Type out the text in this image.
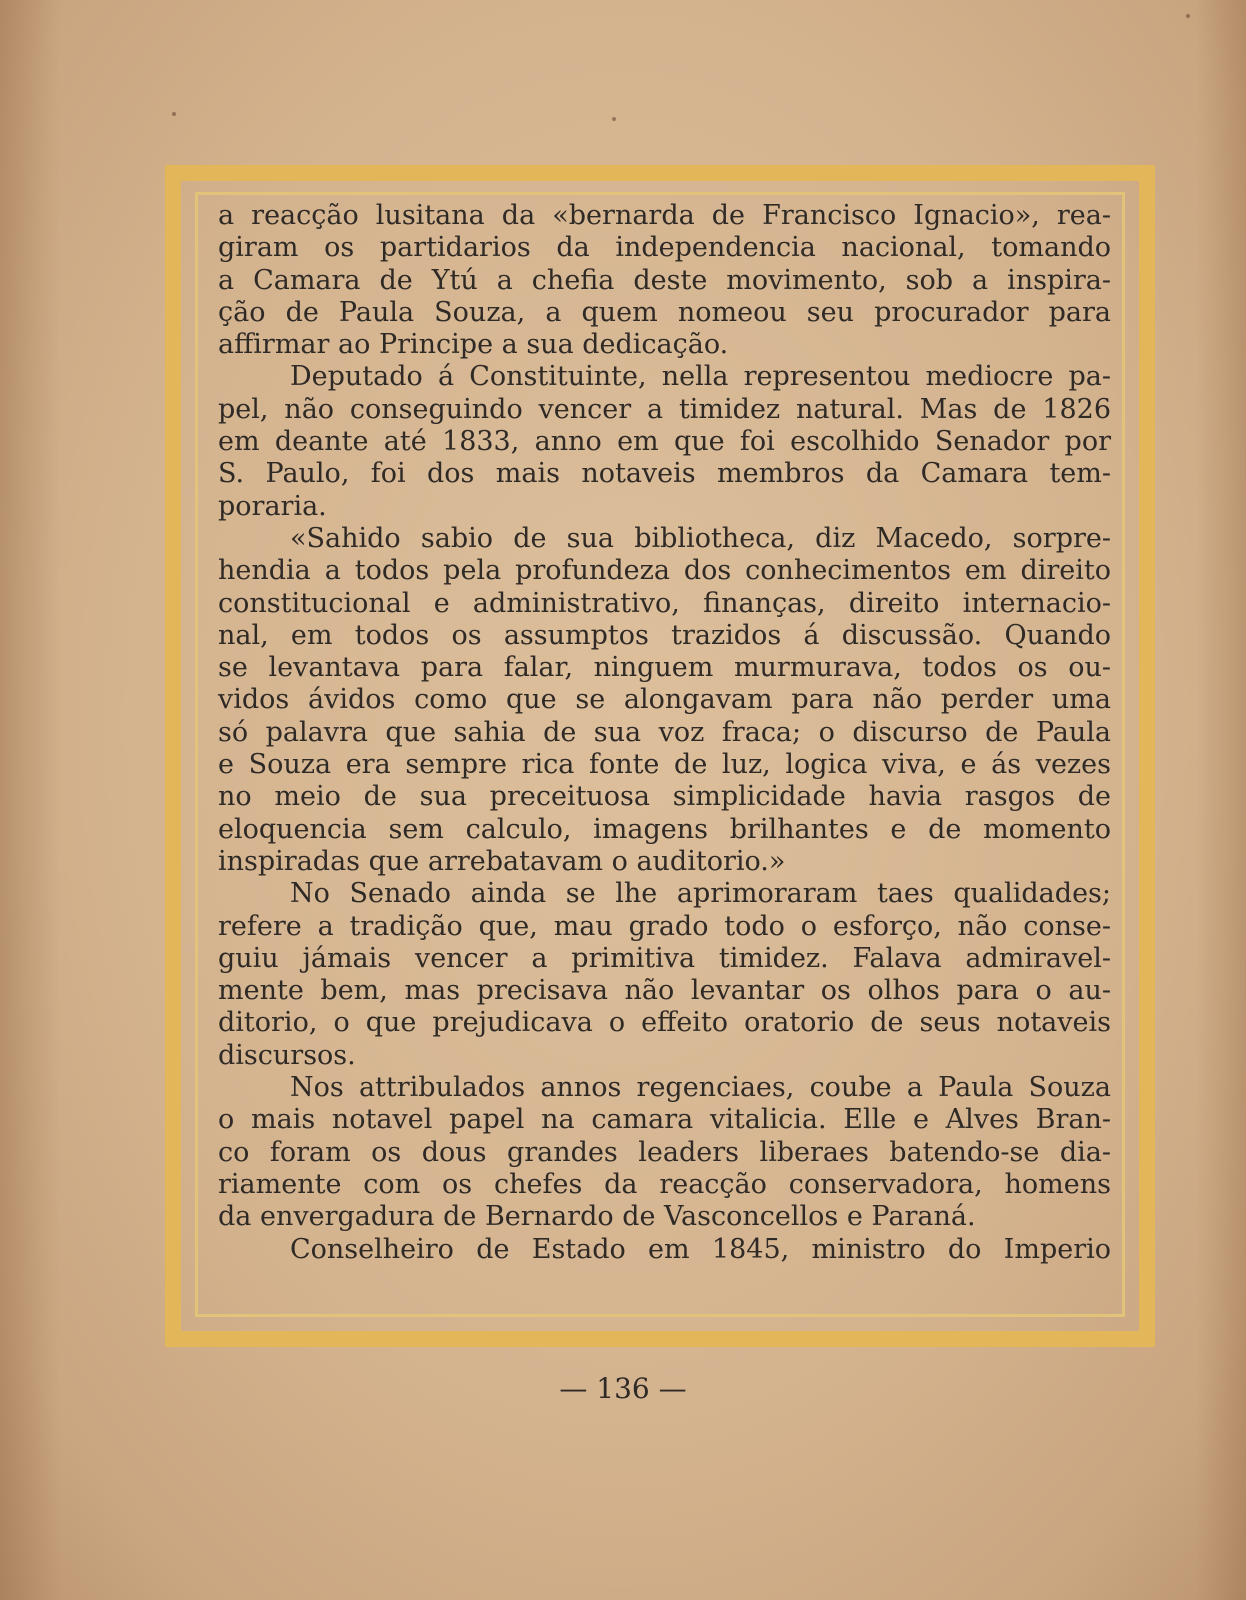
a reacção lusitana da «bernarda de Francisco Ignacio», rea-
giram os partidarios da independencia nacional, tomando
a Camara de Ytú a chefia deste movimento, sob a inspira-
ção de Paula Souza, a quem nomeou seu procurador para
affirmar ao Principe a sua dedicação.
Deputado á Constituinte, nella representou mediocre pa-
pel, não conseguindo vencer a timidez natural. Mas de 1826
em deante até 1833, anno em que foi escolhido Senador por
S. Paulo, foi dos mais notaveis membros da Camara tem-
poraria.
«Sahido sabio de sua bibliotheca, diz Macedo, sorpre-
hendia a todos pela profundeza dos conhecimentos em direito
constitucional e administrativo, finanças, direito internacio-
nal, em todos os assumptos trazidos á discussão. Quando
se levantava para falar, ninguem murmurava, todos os ou-
vidos ávidos como que se alongavam para não perder uma
só palavra que sahia de sua voz fraca; o discurso de Paula
e Souza era sempre rica fonte de luz, logica viva, e ás vezes
no meio de sua preceituosa simplicidade havia rasgos de
eloquencia sem calculo, imagens brilhantes e de momento
inspiradas que arrebatavam o auditorio.»
No Senado ainda se lhe aprimoraram taes qualidades;
refere a tradição que, mau grado todo o esforço, não conse-
guiu jámais vencer a primitiva timidez. Falava admiravel-
mente bem, mas precisava não levantar os olhos para o au-
ditorio, o que prejudicava o effeito oratorio de seus notaveis
discursos.
Nos attribulados annos regenciaes, coube a Paula Souza
o mais notavel papel na camara vitalicia. Elle e Alves Bran-
co foram os dous grandes leaders liberaes batendo-se dia-
riamente com os chefes da reacção conservadora, homens
da envergadura de Bernardo de Vasconcellos e Paraná.
Conselheiro de Estado em 1845, ministro do Imperio
— 136 —
